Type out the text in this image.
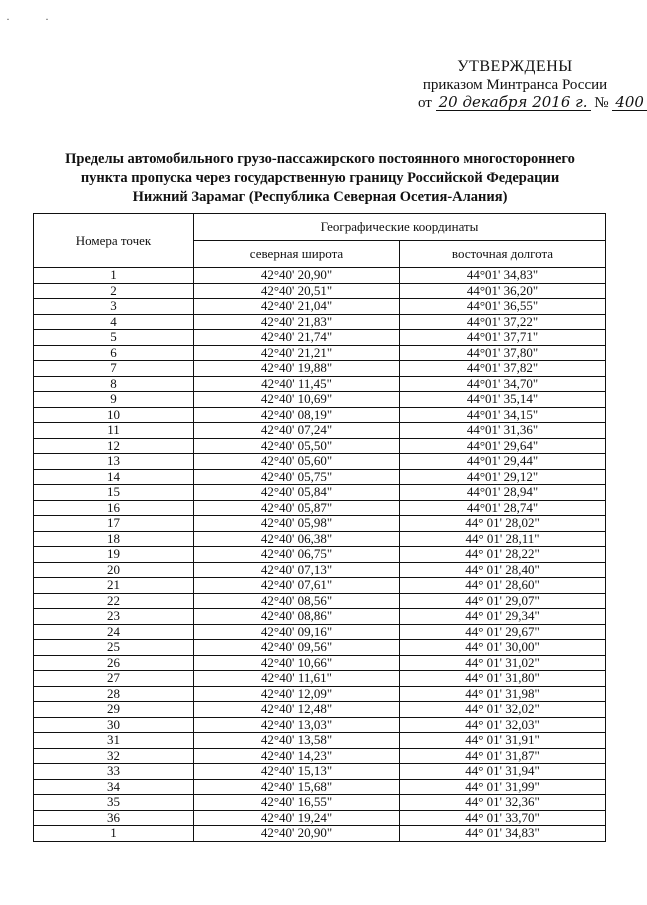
· ·
УТВЕРЖДЕНЫ
приказом Минтранса России
от 20 декабря 2016 г. № 400
Пределы автомобильного грузо-пассажирского постоянного многостороннего
пункта пропуска через государственную границу Российской Федерации
Нижний Зарамаг (Республика Северная Осетия-Алания)
Номера точек	Географические координаты	
	северная широта	восточная долгота
1	42°40' 20,90"	44°01' 34,83"
2	42°40' 20,51"	44°01' 36,20"
3	42°40' 21,04"	44°01' 36,55"
4	42°40' 21,83"	44°01' 37,22"
5	42°40' 21,74"	44°01' 37,71"
6	42°40' 21,21"	44°01' 37,80"
7	42°40' 19,88"	44°01' 37,82"
8	42°40' 11,45"	44°01' 34,70"
9	42°40' 10,69"	44°01' 35,14"
10	42°40' 08,19"	44°01' 34,15"
11	42°40' 07,24"	44°01' 31,36"
12	42°40' 05,50"	44°01' 29,64"
13	42°40' 05,60"	44°01' 29,44"
14	42°40' 05,75"	44°01' 29,12"
15	42°40' 05,84"	44°01' 28,94"
16	42°40' 05,87"	44°01' 28,74"
17	42°40' 05,98"	44° 01' 28,02"
18	42°40' 06,38"	44° 01' 28,11"
19	42°40' 06,75"	44° 01' 28,22"
20	42°40' 07,13"	44° 01' 28,40"
21	42°40' 07,61"	44° 01' 28,60"
22	42°40' 08,56"	44° 01' 29,07"
23	42°40' 08,86"	44° 01' 29,34"
24	42°40' 09,16"	44° 01' 29,67"
25	42°40' 09,56"	44° 01' 30,00"
26	42°40' 10,66"	44° 01' 31,02"
27	42°40' 11,61"	44° 01' 31,80"
28	42°40' 12,09"	44° 01' 31,98"
29	42°40' 12,48"	44° 01' 32,02"
30	42°40' 13,03"	44° 01' 32,03"
31	42°40' 13,58"	44° 01' 31,91"
32	42°40' 14,23"	44° 01' 31,87"
33	42°40' 15,13"	44° 01' 31,94"
34	42°40' 15,68"	44° 01' 31,99"
35	42°40' 16,55"	44° 01' 32,36"
36	42°40' 19,24"	44° 01' 33,70"
1	42°40' 20,90"	44° 01' 34,83"
